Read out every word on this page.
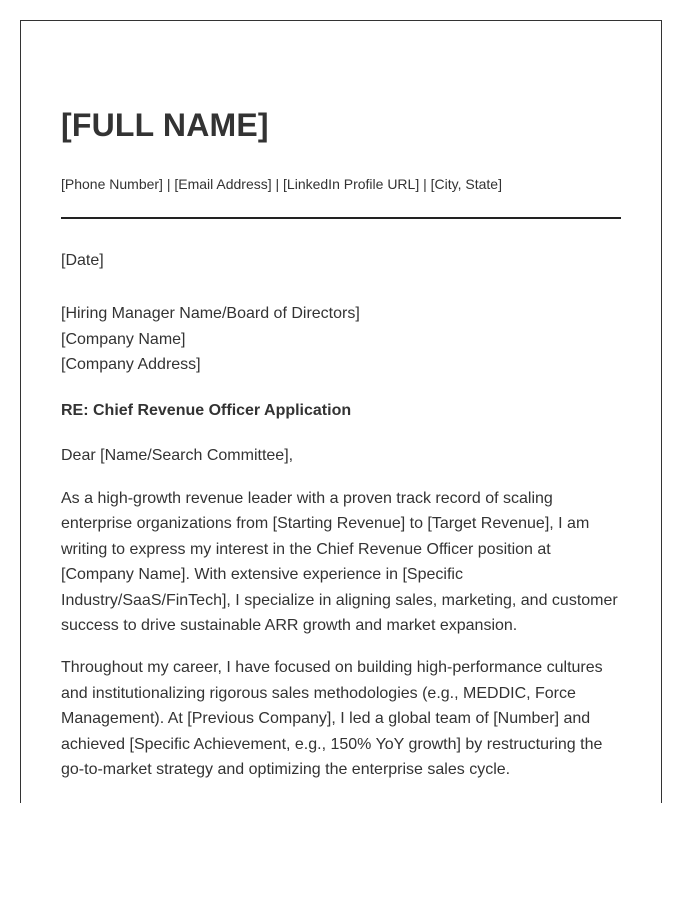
[FULL NAME]
[Phone Number] | [Email Address] | [LinkedIn Profile URL] | [City, State]
[Date]
[Hiring Manager Name/Board of Directors]
[Company Name]
[Company Address]
RE: Chief Revenue Officer Application
Dear [Name/Search Committee],

As a high-growth revenue leader with a proven track record of scaling enterprise organizations from [Starting Revenue] to [Target Revenue], I am writing to express my interest in the Chief Revenue Officer position at [Company Name]. With extensive experience in [Specific Industry/SaaS/FinTech], I specialize in aligning sales, marketing, and customer success to drive sustainable ARR growth and market expansion.

Throughout my career, I have focused on building high-performance cultures and institutionalizing rigorous sales methodologies (e.g., MEDDIC, Force Management). At [Previous Company], I led a global team of [Number] and achieved [Specific Achievement, e.g., 150% YoY growth] by restructuring the go-to-market strategy and optimizing the enterprise sales cycle.
